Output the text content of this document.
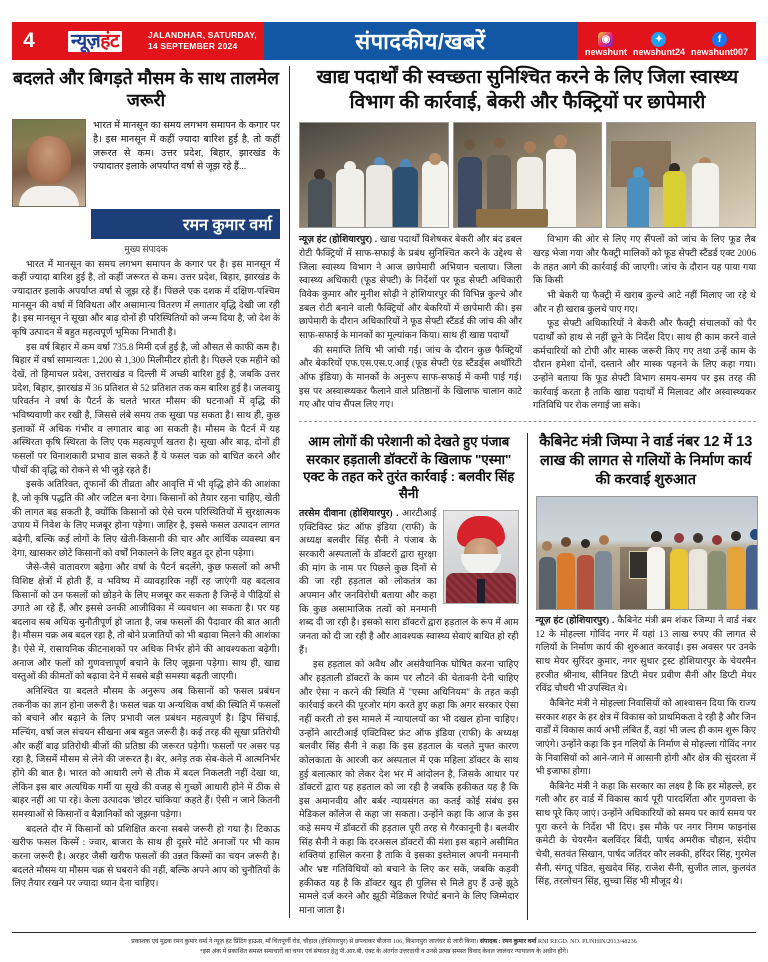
4	न्यूज़हंट	JALANDHAR, SATURDAY,
14 SEPTEMBER 2024	संपादकीय/खबरें	◉
newshunt
✦
newshunt24
f
newshunt007
बदलते और बिगड़ते मौसम के साथ तालमेल जरूरी
भारत में मानसून का समय लगभग समापन के कगार पर है। इस मानसून में कहीं ज्यादा बारिश हुई है, तो कहीं जरूरत से कम। उत्तर प्रदेश, बिहार, झारखंड के ज्यादातर इलाके अपर्याप्त वर्षा से जूझ रहे हैं...
रमन कुमार वर्मा
मुख्य संपादक

भारत में मानसून का समय लगभग समापन के कगार पर है। इस मानसून में कहीं ज्यादा बारिश हुई है, तो कहीं जरूरत से कम। उत्तर प्रदेश, बिहार, झारखंड के ज्यादातर इलाके अपर्याप्त वर्षा से जूझ रहे हैं। पिछले एक दशक में दक्षिण-पश्चिम मानसून की वर्षा में विविधता और असामान्य वितरण में लगातार वृद्धि देखी जा रही है। इस मानसून ने सूखा और बाढ़ दोनों ही परिस्थितियों को जन्म दिया है, जो देश के कृषि उत्पादन में बहुत महत्वपूर्ण भूमिका निभाती है।

इस वर्ष बिहार में कम वर्षा 735.8 मिमी दर्ज हुई है, जो औसत से काफी कम है। बिहार में वर्षा सामान्यतः 1,200 से 1,300 मिलीमीटर होती है। पिछले एक महीने को देखें, तो हिमाचल प्रदेश, उत्तराखंड व दिल्ली में अच्छी बारिश हुई है, जबकि उत्तर प्रदेश, बिहार, झारखंड में 36 प्रतिशत से 52 प्रतिशत तक कम बारिश हुई है। जलवायु परिवर्तन ने वर्षा के पैटर्न के चलते भारत मौसम की घटनाओं में वृद्धि की भविष्यवाणी कर रखी है, जिससे लंबे समय तक सूखा पड़ सकता है। साथ ही, कुछ इलाकों में अधिक गंभीर व लगातार बाढ़ आ सकती है। मौसम के पैटर्न में यह अस्थिरता कृषि स्थिरता के लिए एक महत्वपूर्ण खतरा है। सूखा और बाढ़, दोनों ही फसलों पर विनाशकारी प्रभाव डाल सकते हैं ये फसल चक्र को बाधित करने और पौधों की वृद्धि को रोकने से भी जुड़े रहते हैं।

इसके अतिरिक्त, तूफानों की तीव्रता और आवृत्ति में भी वृद्धि होने की आशंका है, जो कृषि पद्धति की और जटिल बना देगा। किसानों को तैयार रहना चाहिए, खेती की लागत बढ़ सकती है, क्योंकि किसानों को ऐसे चरम परिस्थितियों में सुरक्षात्मक उपाय में निवेश के लिए मजबूर होना पड़ेगा। जाहिर है, इससे फसल उत्पादन लागत बढ़ेगी, बल्कि कई लोगों के लिए खेती-किसानी की चार और आर्थिक व्यवस्था बन देगा, खासकर छोटे किसानों को वर्षों निकालने के लिए बहुत दूर होना पड़ेगा।

जैसे-जैसे वातावरण बढ़ेगा और वर्षा के पैटर्न बदलेंगे, कुछ फसलों को अभी विशिष्ट क्षेत्रों में होती हैं, व भविष्य में व्यावहारिक नहीं रह जाएंगी यह बदलाव किसानों को उन फसलों को छोड़ने के लिए मजबूर कर सकता है जिन्हें वे पीढ़ियों से उगाते आ रहे हैं, और इससे उनकी आजीविका में व्यवधान आ सकता है। पर यह बदलाव सब अधिक चुनौतीपूर्ण हो जाता है, जब फसलों की पैदावार की बात आती है। मौसम चक्र अब बदल रहा है, तो बोने प्रजातियों को भी बढ़ावा मिलने की आशंका है। ऐसे में, रासायनिक कीटनाशकों पर अधिक निर्भर होने की आवश्यकता बढ़ेगी। अनाज और फलों को गुणवत्तापूर्ण बचाने के लिए जूझना पड़ेगा। साथ ही, खाद्य वस्तुओं की कीमतों को बढ़ावा देने में सबसे बड़ी समस्या बढ़ती जाएगी।

अनिश्चित या बदलते मौसम के अनुरूप अब किसानों को फसल प्रबंधन तकनीक का ज्ञान होना जरूरी है। फसल चक्र या अन्यथिक वर्षा की स्थिति में फसलों को बचाने और बढ़ाने के लिए प्रभावी जल प्रबंधन महत्वपूर्ण है। ड्रिप सिंचाई, मल्चिंग, वर्षा जल संचयन सीखना अब बहुत जरूरी है। कई तरह की सूखा प्रतिरोधी और कहीं बाढ़ प्रतिरोधी बीजों की प्रतिष्ठा की जरूरत पड़ेगी। फसलों पर असर पड़ रहा है, जिसमें मौसम से लेने की जरूरत है। बेर, अनेड़ तक सेब-केले में आत्मनिर्भर होंगे की बात है। भारत को आधारी लगे से तीक में बदल निकलती नहीं देखा था, लेकिन इस बार अत्यधिक गर्मी या सूखे की वजह से गुच्छों आधारी होने में ठीक से बाहर नहीं आ पा रहे। केला उत्पादक 'छोटर चांकिया' कहते हैं। ऐसी न जाने कितनी समस्याओं से किसानों व बैज्ञानिकों को जूझना पड़ेगा।

बदलते दौर में किसानों को प्रशिक्षित करना सबसे जरूरी हो गया है। टिकाऊ खरीफ फसल किस्में : ज्वार, बाजरा के साथ ही दूसरे मोटे अनाजों पर भी काम करना जरूरी है। अरहर जैसी खरीफ फसलों की उन्नत किस्मों का चयन जरूरी है। बदलते मौसम या मौसम चक्र से घबराने की नहीं, बल्कि अपने आप को चुनौतियों के लिए तैयार रखने पर ज्यादा ध्यान देना चाहिए।

खाद्य पदार्थों की स्वच्छता सुनिश्चित करने के लिए जिला स्वास्थ्य विभाग की कार्रवाई, बेकरी और फैक्ट्रियों पर छापेमारी

न्यूज़ हंट (होशियारपुर) . खाद्य पदार्थों विशेषकर बेकरी और बंद डबल रोटी फैक्ट्रियों में साफ-सफाई के प्रबंध सुनिश्चित करने के उद्देश्य से जिला स्वास्थ्य विभाग ने आज छापेमारी अभियान चलाया। जिला स्वास्थ्य अधिकारी (फूड सेफ्टी) के निर्देशों पर फूड सेफ्टी अधिकारी विवेक कुमार और मुनीश सोढ़ी ने होशियारपुर की विभिन्न कुल्चे और डबल रोटी बनाने वाली फैक्ट्रियों और बेकरियों में छापेमारी की। इस छापेमारी के दौरान अधिकारियों ने फूड सेफ्टी स्टैंडर्ड की जांच की और साफ-सफाई के मानकों का मूल्यांकन किया। साथ ही खाद्य पदार्थों

की समाप्ति तिथि भी जांची गई। जांच के दौरान कुछ फैक्ट्रियों और बेकरियों एफ.एस.एस.ए.आई (फूड सेफ्टी एंड स्टैंडर्ड्स अथॉरिटी ऑफ इंडिया) के मानकों के अनुरूप साफ-सफाई में कमी पाई गई। इस पर अस्वास्थ्यकर फैलाने वाले प्रतिष्ठानों के खिलाफ चालान काटे गए और पांच सैंपल लिए गए।

विभाग की ओर से लिए गए सैंपलों को जांच के लिए फूड लैब खरड़ भेजा गया और फैक्ट्री मालिकों को फूड सेफ्टी स्टैंडर्ड एक्ट 2006 के तहत आगे की कार्रवाई की जाएगी। जांच के दौरान यह पाया गया कि किसी

भी बेकरी या फैक्ट्री में खराब कुल्चे आटे नहीं मिलाए जा रहे थे और न ही खराब कुलचे पाए गए।

फूड सेफ्टी अधिकारियों ने बेकरी और फैक्ट्री संचालकों को पैर पदार्थों को हाथ से नहीं छूने के निर्देश दिए। साथ ही काम करने वाले कर्मचारियों को टोपी और मास्क जरूरी किए गए तथा उन्हें काम के दौरान हमेशा दोनों, दस्ताने और मास्क पहनने के लिए कहा गया। उन्होंने बताया कि फूड सेफ्टी विभाग समय-समय पर इस तरह की कार्रवाई करता है ताकि खाद्य पदार्थों में मिलावट और अस्वास्थ्यकर गतिविधि पर रोक लगाई जा सके।

आम लोगों की परेशानी को देखते हुए पंजाब सरकार हड़ताली डॉक्टरों के खिलाफ "एस्मा" एक्ट के तहत करे तुरंत कार्रवाई : बलवीर सिंह सैनी

तरसेम दीवाना (होशियारपुर) . आरटीआई एक्टिविस्ट फ्रंट ऑफ इंडिया (राफी) के अध्यक्ष बलवीर सिंह सैनी ने पंजाब के सरकारी अस्पतालों के डॉक्टरों द्वारा सुरक्षा की मांग के नाम पर पिछले कुछ दिनों से की जा रही हड़ताल को लोकतंत्र का अपमान और जनविरोधी बताया और कहा कि कुछ असामाजिक तत्वों को मनमानी शब्द दी जा रही है। इसको सारा डॉक्टरों द्वारा हड़ताल के रूप में आम जनता को दी जा रही है और आवश्यक स्वास्थ्य सेवाएं बाधित हो रही हैं।

इस हड़ताल को अवैध और असंवैधानिक घोषित करना चाहिए और हड़ताली डॉक्टरों के काम पर लौटने की चेतावनी देनी चाहिए और ऐसा न करने की स्थिति में "एस्मा अधिनियम" के तहत कड़ी कार्रवाई करने की पूरजोर मांग करते हुए कहा कि अगर सरकार ऐसा नहीं करती तो इस मामले में न्यायालयों का भी दखल होना चाहिए। उन्होंने आरटीआई एक्टिविस्ट फ्रंट ऑफ इंडिया (राफी) के अध्यक्ष बलवीर सिंह सैनी ने कहा कि इस हड़ताल के चलते मुफ्त कारण कोलकाता के आरजी कर अस्पताल में एक महिला डॉक्टर के साथ हुई बलात्कार को लेकर देश भर में आंदोलन है, जिसके आधार पर डॉक्टरों द्वारा यह हड़ताल को जा रही है जबकि हकीकत यह है कि इस अमानवीय और बर्बर न्यायसंगत का कतई कोई संबंध इस मेडिकल कॉलेज से कहा जा सकता। उन्होंने कहा कि आज के इस कड़े समय में डॉक्टरों की हड़ताल पूरी तरह से गैरकानूनी है। बलवीर सिंह सैनी ने कहा कि दरअसल डॉक्टरों की मंशा इस बहाने असीमित शक्तियां हासिल करना है ताकि वे इसका इस्तेमाल अपनी मनमानी और भ्रष्ट गतिविधियों को बचाने के लिए कर सकें, जबकि कड़वी हकीकत यह है कि डॉक्टर खुद ही पुलिस से मिले हुए हैं उन्हें झूठे मामले दर्ज करने और झूठी मेडिकल रिपोर्ट बनाने के लिए जिम्मेदार माना जाता है।

कैबिनेट मंत्री जिम्पा ने वार्ड नंबर 12 में 13 लाख की लागत से गलियों के निर्माण कार्य की करवाई शुरुआत

न्यूज़ हंट (होशियारपुर) . कैबिनेट मंत्री ब्रम शंकर जिम्पा ने वार्ड नंबर 12 के मोहल्ला गोविंद नगर में यहां 13 लाख रुपए की लागत से गलियों के निर्माण कार्य की शुरुआत करवाई। इस अवसर पर उनके साथ मेयर सुरिंदर कुमार, नगर सुधार ट्रस्ट होशियारपुर के चेयरमैन हरजीत श्रीनाथ, सीनियर डिप्टी मेयर प्रवीण सैनी और डिप्टी मेयर रविंद्र चौधरी भी उपस्थित थे।

कैबिनेट मंत्री ने मोहल्ला निवासियों को आश्वासन दिया कि राज्य सरकार शहर के हर क्षेत्र में विकास को प्राथमिकता दे रही है और जिन वार्डों में विकास कार्य अभी लंबित हैं, वहां भी जल्द ही काम शुरू किए जाएंगे। उन्होंने कहा कि इन गलियों के निर्माण से मोहल्ला गोविंद नगर के निवासियों को आने-जाने में आसानी होगी और क्षेत्र की सुंदरता में भी इजाफा होगा।

कैबिनेट मंत्री ने कहा कि सरकार का लक्ष्य है कि हर मोहल्ले, हर गली और हर वार्ड में विकास कार्य पूरी पारदर्शिता और गुणवत्ता के साथ पूरे किए जाएं। उन्होंने अधिकारियों को समय पर कार्य समय पर पूरा करने के निर्देश भी दिए। इस मौके पर नगर निगम फाइनांस कमेटी के चेयरमैन बलविंदर बिंदी, पार्षद अमरीक चौहान, संदीप चेची, सतवंत सिखान, पार्षद जतिंदर कौर लक्की, हरिंदर सिंह, गुरमेल सैनी, संगतू पंडित, सुखदेव सिंह, राजेश सैनी, सुजीत लाल, कुलवंत सिंह, तरलोचन सिंह, सुच्चा सिंह भी मौजूद थे।

प्रकाशक एवं मुद्रक रमन कुमार वर्मा ने न्यूज़ हंट प्रिंटिंग हाऊस, माँ चिंतपूर्णी रोड, चौहाल (होशियारपुर) से छपवाकर बीजना 106, किशनपुरा जालंधर से जारी किया। संपादक : रमन कुमार वर्मा RNI REGD. NO. PUNHIN/2013/48236
*इस अंक में प्रकाशित समस्त समाचारों का चयन एवं संपादन हेतु पी.आर.बी. एक्ट के अंतर्गत उत्तरदायी व उनसे उत्पन्न समस्त विवाद केवल जालंधर न्यायालय के अधीन होंगे।
